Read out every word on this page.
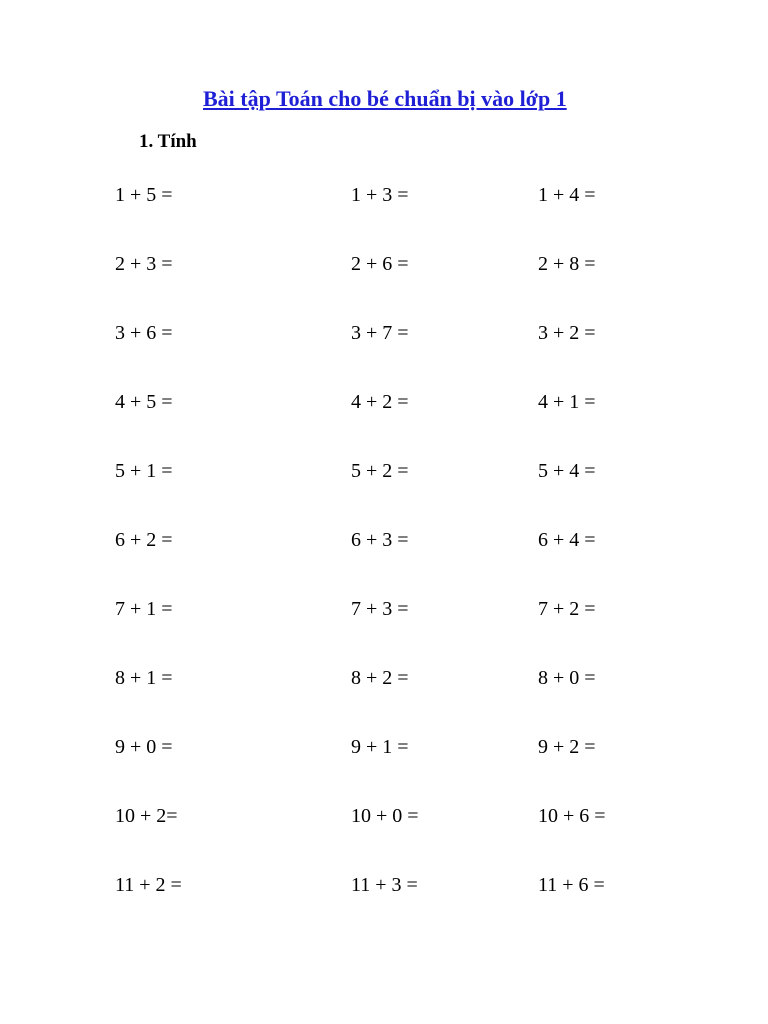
Bài tập Toán cho bé chuẩn bị vào lớp 1
1. Tính
1 + 5 =	1 + 3 =	1 + 4 =
2 + 3 =	2 + 6 =	2 + 8 =
3 + 6 =	3 + 7 =	3 + 2 =
4 + 5 =	4 + 2 =	4 + 1 =
5 + 1 =	5 + 2 =	5 + 4 =
6 + 2 =	6 + 3 =	6 + 4 =
7 + 1 =	7 + 3 =	7 + 2 =
8 + 1 =	8 + 2 =	8 + 0 =
9 + 0 =	9 + 1 =	9 + 2 =
10 + 2=	10 + 0 =	10 + 6 =
11 + 2 =	11 + 3 =	11 + 6 =
